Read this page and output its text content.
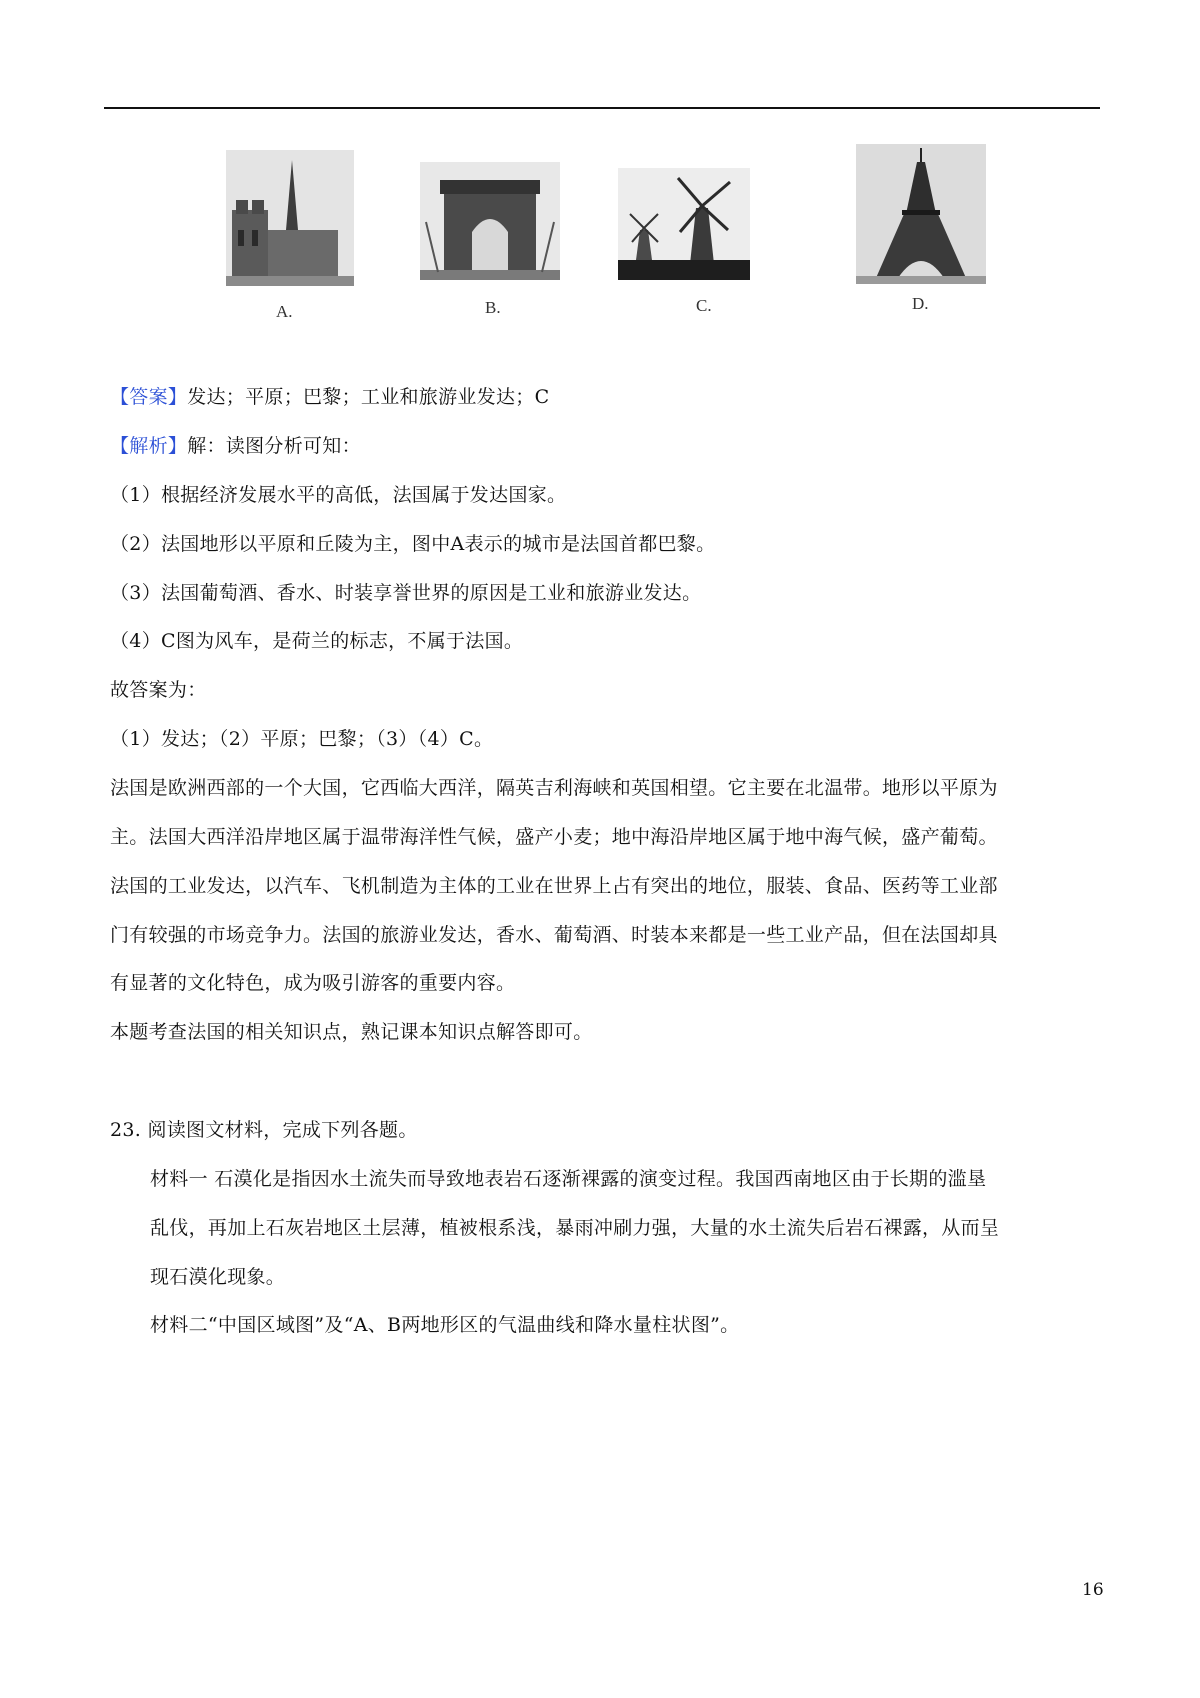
A.	B.	C.	D.
【答案】发达；平原；巴黎；工业和旅游业发达；C
【解析】解：读图分析可知：
（1）根据经济发展水平的高低，法国属于发达国家。
（2）法国地形以平原和丘陵为主，图中A表示的城市是法国首都巴黎。
（3）法国葡萄酒、香水、时装享誉世界的原因是工业和旅游业发达。
（4）C图为风车，是荷兰的标志，不属于法国。
故答案为：
（1）发达；（2）平原；巴黎；（3）（4）C。
法国是欧洲西部的一个大国，它西临大西洋，隔英吉利海峡和英国相望。它主要在北温带。地形以平原为
主。法国大西洋沿岸地区属于温带海洋性气候，盛产小麦；地中海沿岸地区属于地中海气候，盛产葡萄。
法国的工业发达，以汽车、飞机制造为主体的工业在世界上占有突出的地位，服装、食品、医药等工业部
门有较强的市场竞争力。法国的旅游业发达，香水、葡萄酒、时装本来都是一些工业产品，但在法国却具
有显著的文化特色，成为吸引游客的重要内容。
本题考查法国的相关知识点，熟记课本知识点解答即可。
23. 阅读图文材料，完成下列各题。
材料一 石漠化是指因水土流失而导致地表岩石逐渐裸露的演变过程。我国西南地区由于长期的滥垦
乱伐，再加上石灰岩地区土层薄，植被根系浅，暴雨冲刷力强，大量的水土流失后岩石裸露，从而呈
现石漠化现象。
材料二“中国区域图”及“A、B两地形区的气温曲线和降水量柱状图”。
16
